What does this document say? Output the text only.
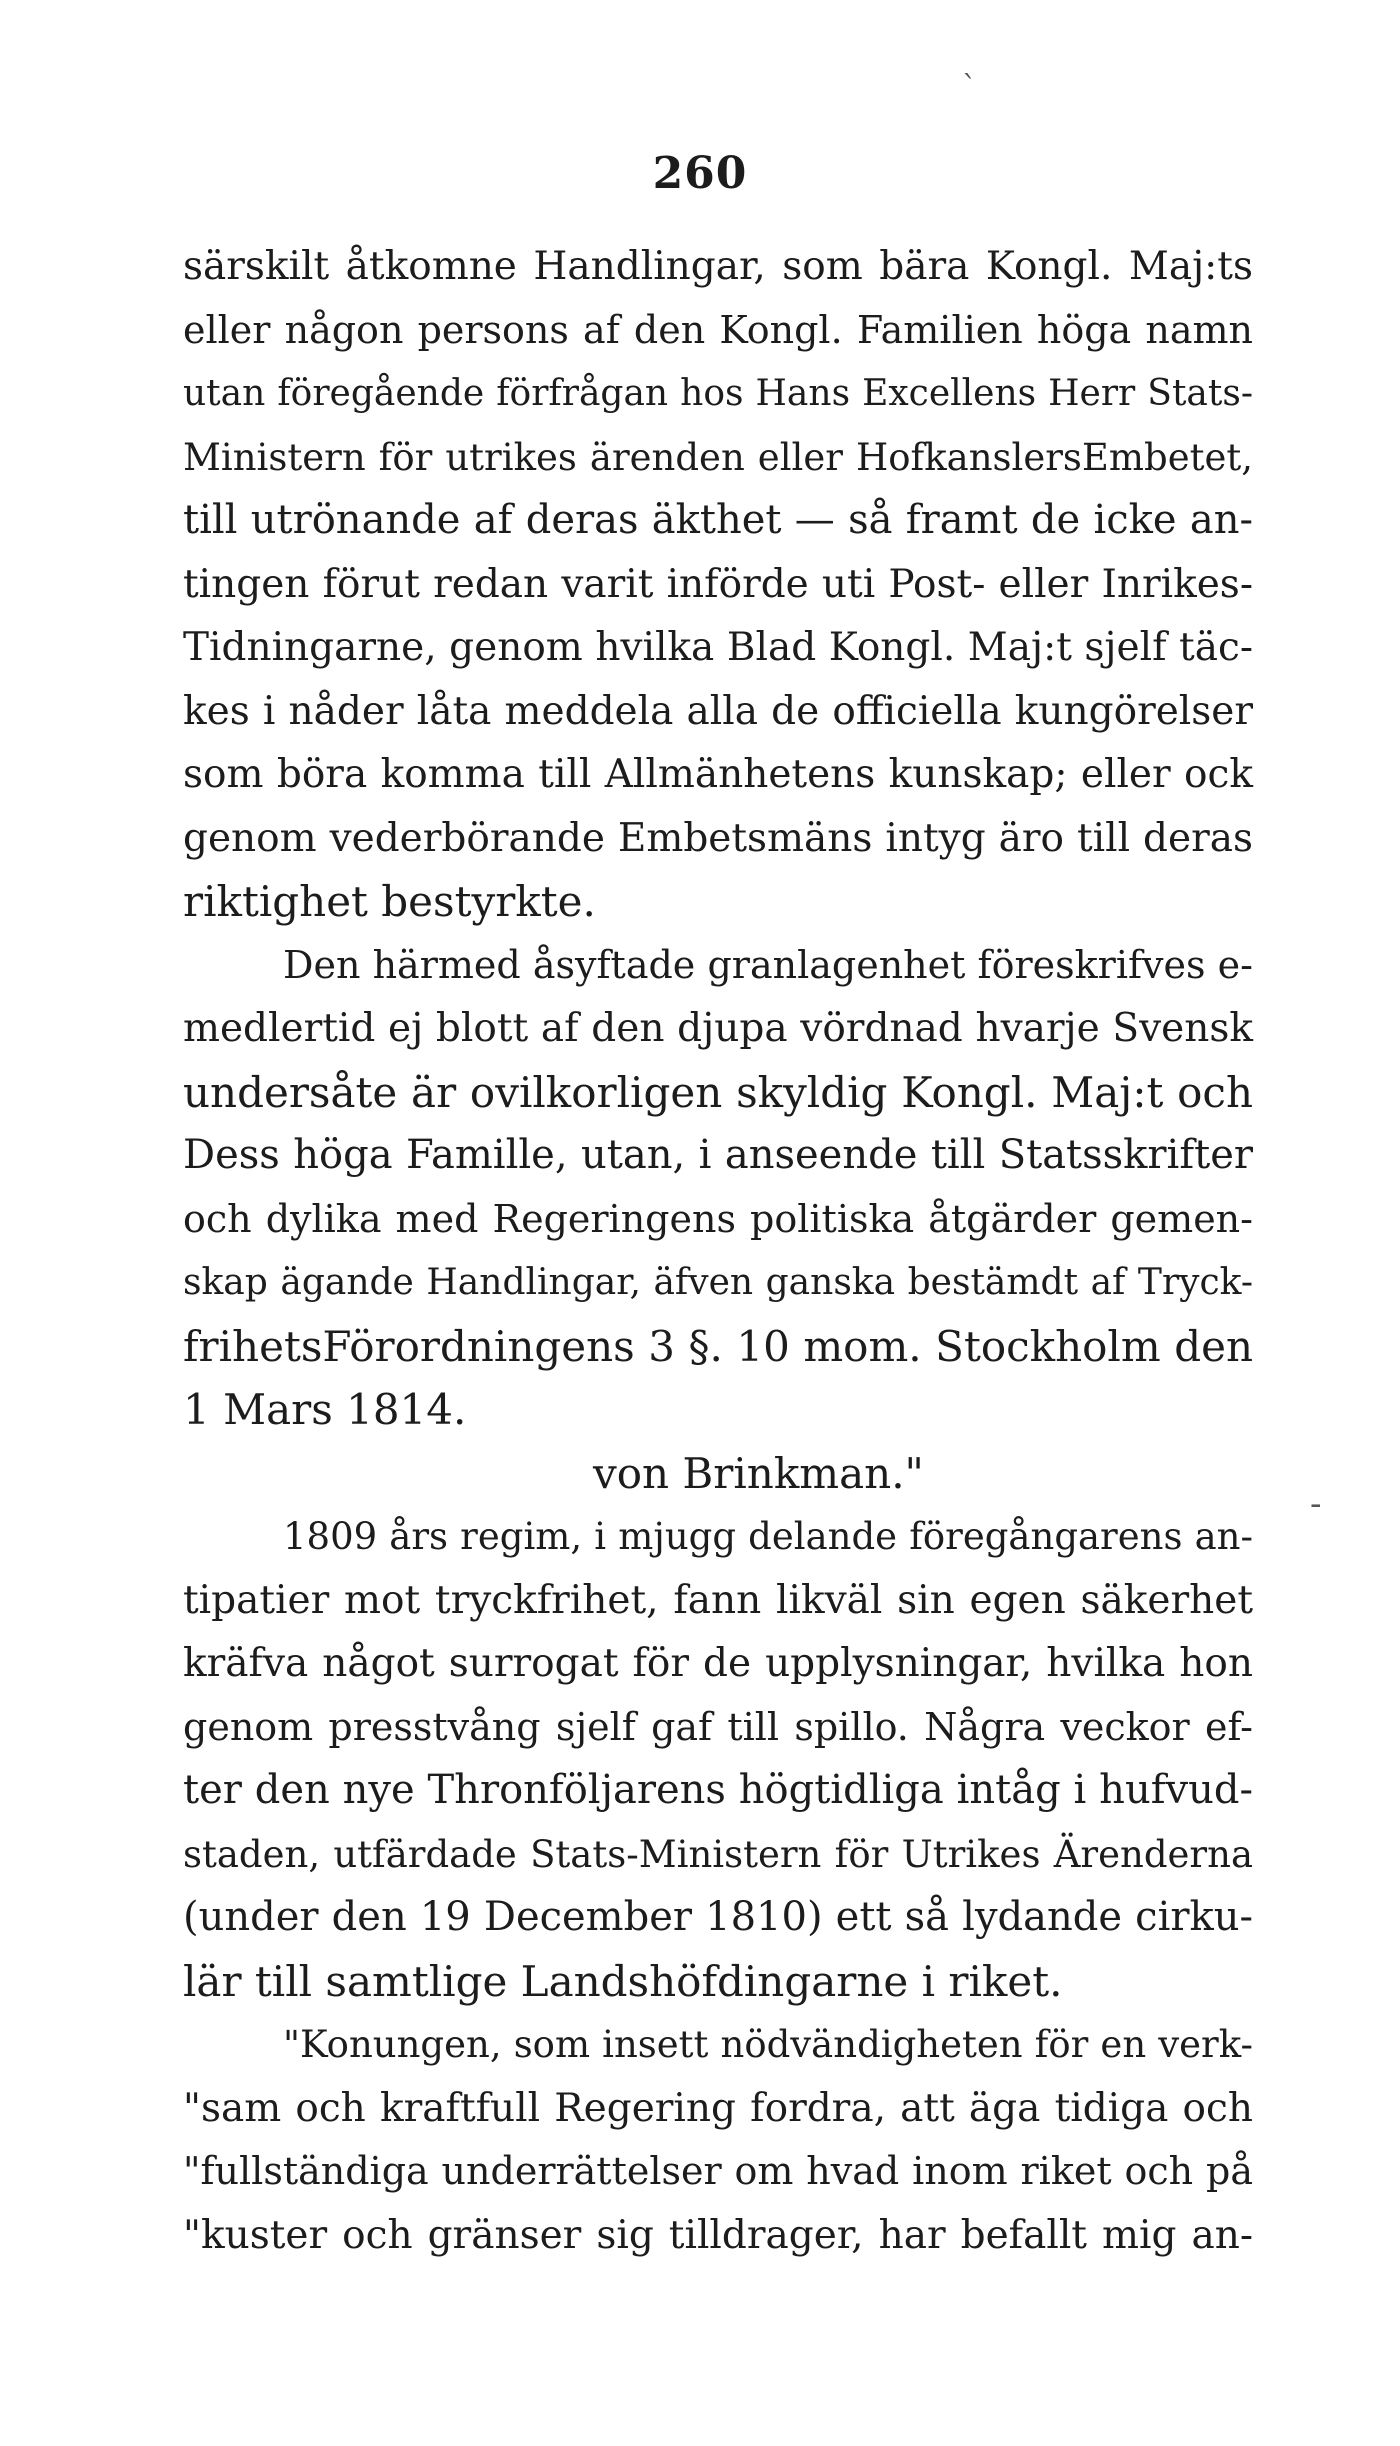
ˋ
260
särskilt åtkomne Handlingar, som bära Kongl. Maj:ts
eller någon persons af den Kongl. Familien höga namn
utan föregående förfrågan hos Hans Excellens Herr Stats-
Ministern för utrikes ärenden eller HofkanslersEmbetet,
till utrönande af deras äkthet — så framt de icke an-
tingen förut redan varit införde uti Post- eller Inrikes-
Tidningarne, genom hvilka Blad Kongl. Maj:t sjelf täc-
kes i nåder låta meddela alla de officiella kungörelser
som böra komma till Allmänhetens kunskap; eller ock
genom vederbörande Embetsmäns intyg äro till deras
riktighet bestyrkte.
Den härmed åsyftade granlagenhet föreskrifves e-
medlertid ej blott af den djupa vördnad hvarje Svensk
undersåte är ovilkorligen skyldig Kongl. Maj:t och
Dess höga Famille, utan, i anseende till Statsskrifter
och dylika med Regeringens politiska åtgärder gemen-
skap ägande Handlingar, äfven ganska bestämdt af Tryck-
frihetsFörordningens 3 §. 10 mom. Stockholm den
1 Mars 1814.
von Brinkman."
1809 års regim, i mjugg delande föregångarens an-
tipatier mot tryckfrihet, fann likväl sin egen säkerhet
kräfva något surrogat för de upplysningar, hvilka hon
genom presstvång sjelf gaf till spillo. Några veckor ef-
ter den nye Thronföljarens högtidliga intåg i hufvud-
staden, utfärdade Stats-Ministern för Utrikes Ärenderna
(under den 19 December 1810) ett så lydande cirku-
lär till samtlige Landshöfdingarne i riket.
"Konungen, som insett nödvändigheten för en verk-
"sam och kraftfull Regering fordra, att äga tidiga och
"fullständiga underrättelser om hvad inom riket och på
"kuster och gränser sig tilldrager, har befallt mig an-
-
